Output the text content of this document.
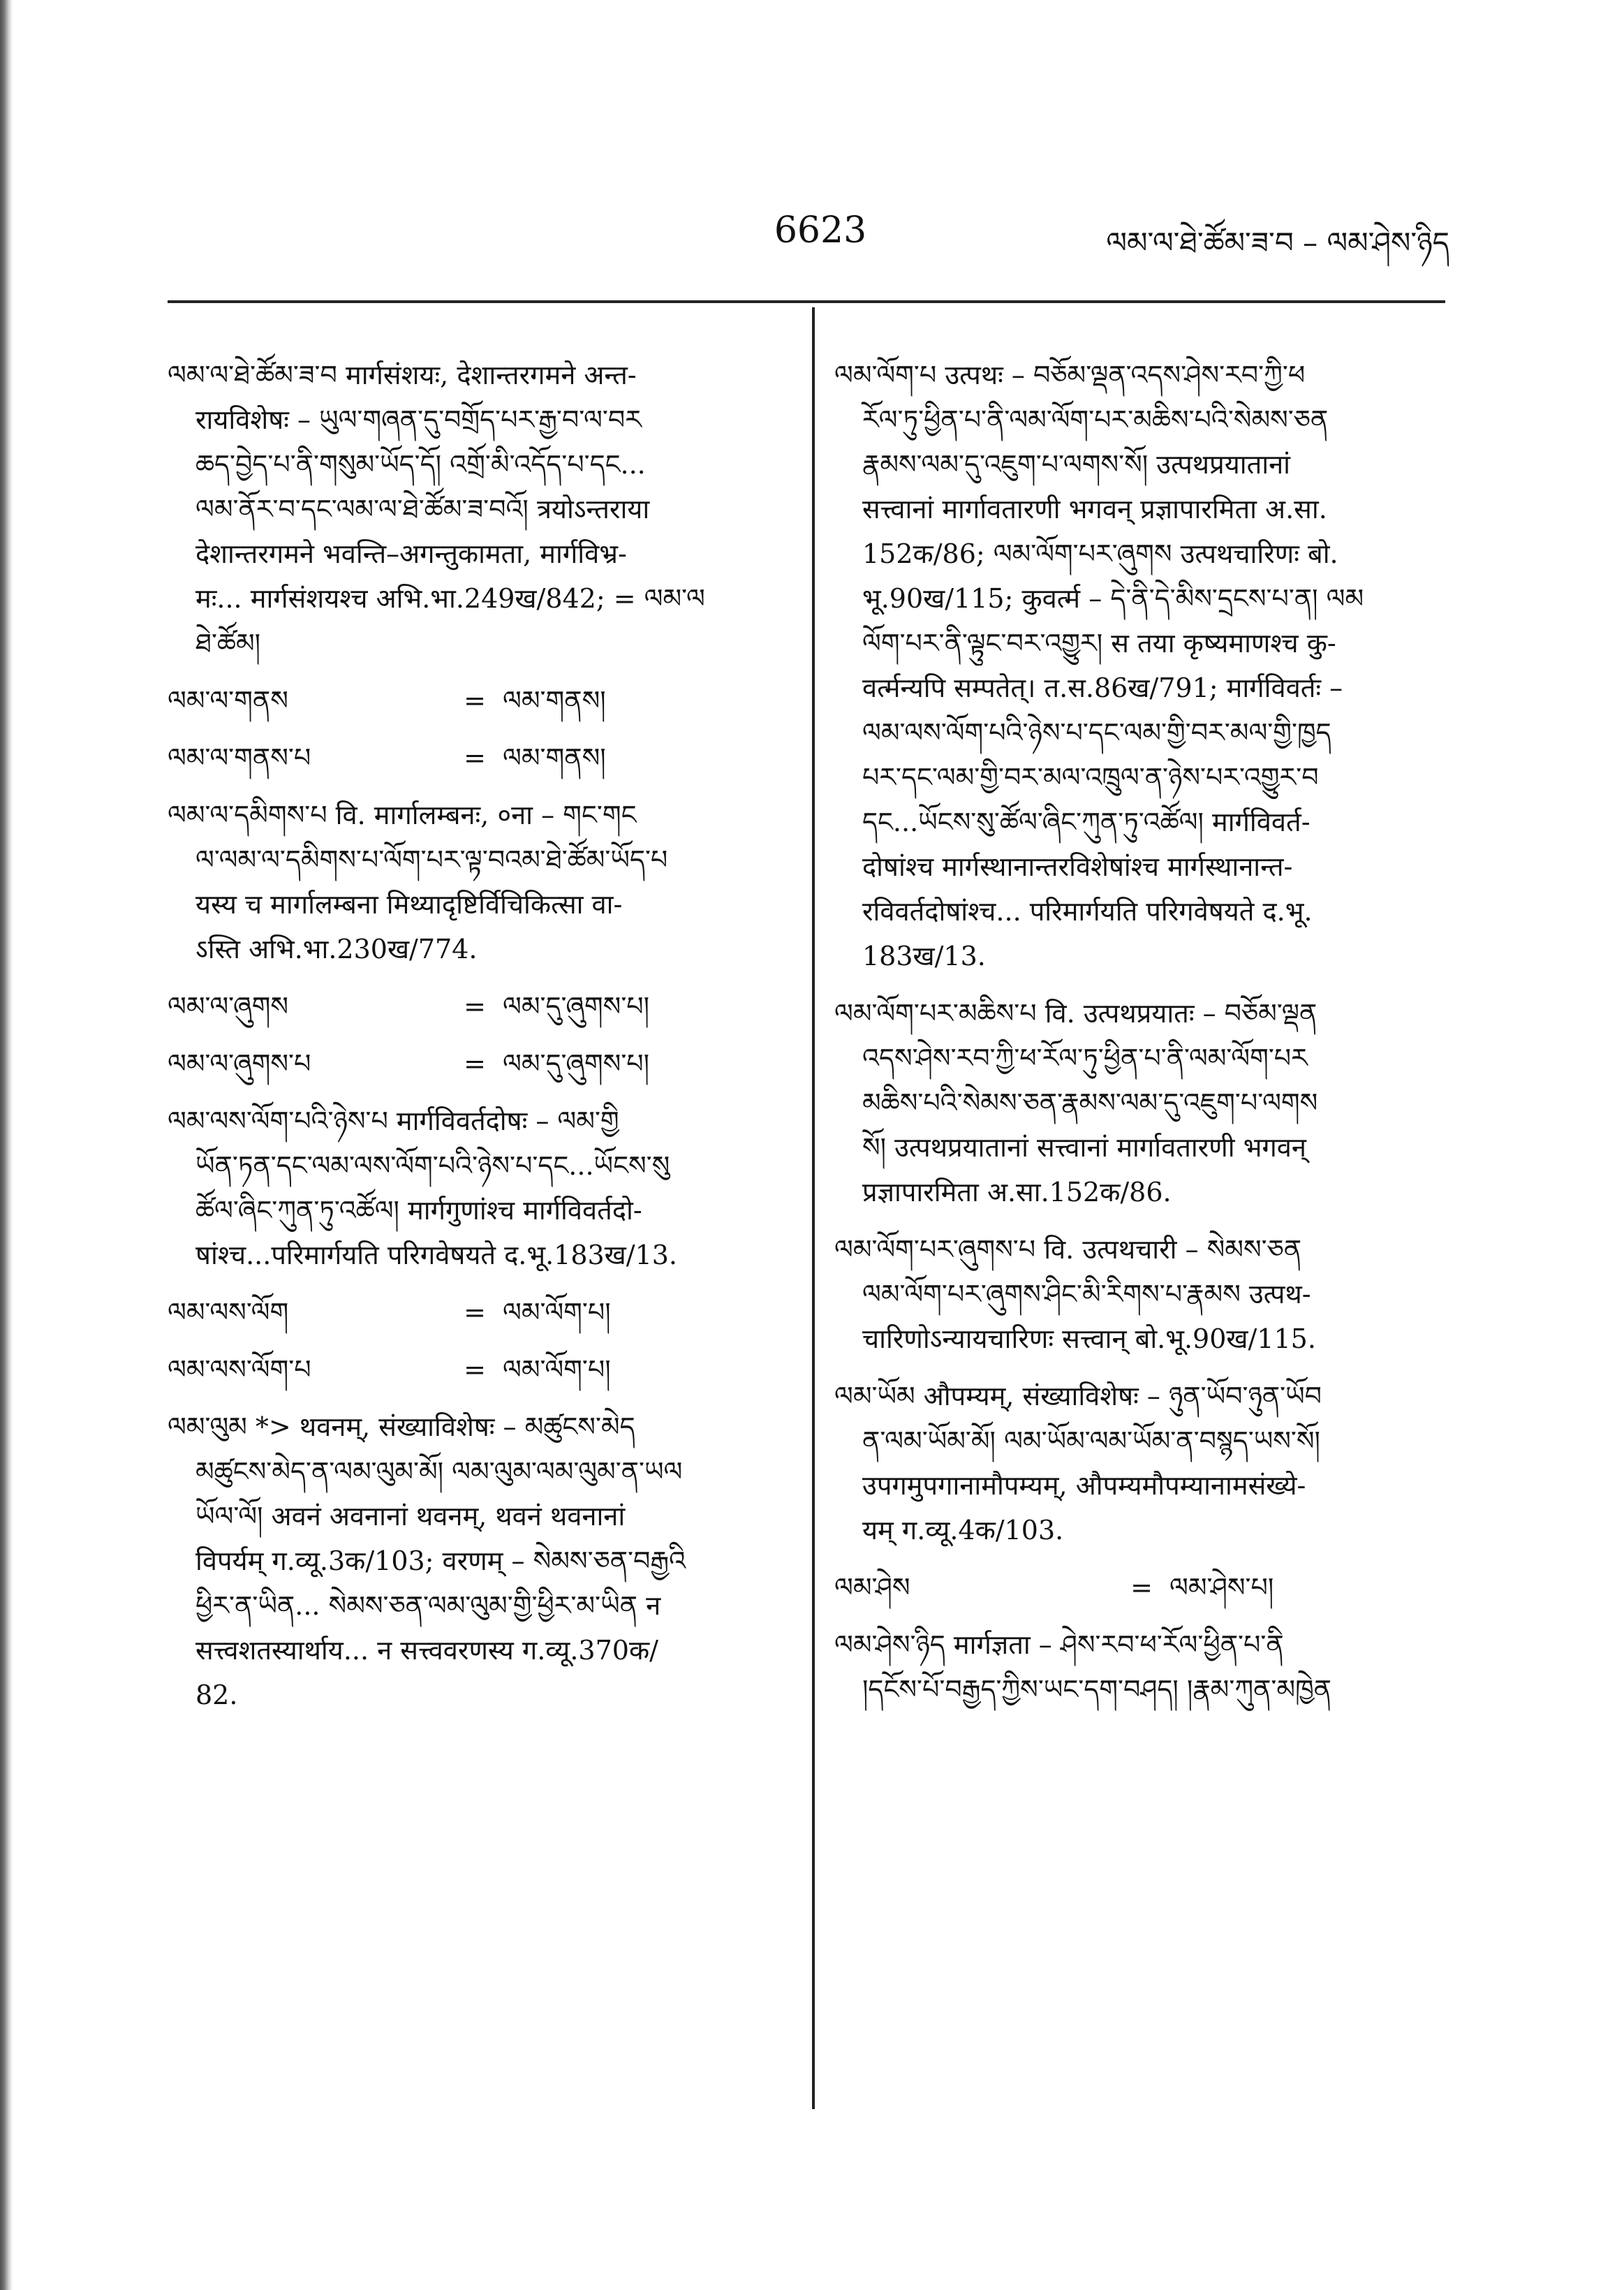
6623	ལམ་ལ་ཐེ་ཚོམ་ཟ་བ – ལམ་ཤེས་ཉིད
ལམ་ལ་ཐེ་ཚོམ་ཟ་བ मार्गसंशयः, देशान्तरगमने अन्त-
रायविशेषः – ཡུལ་གཞན་དུ་བགྲོད་པར་རྒྱ་བ་ལ་བར
ཆད་བྱེད་པ་ནི་གསུམ་ཡོད་དོ། འགྲོ་མི་འདོད་པ་དང...
ལམ་ནོར་བ་དང་ལམ་ལ་ཐེ་ཚོམ་ཟ་བའོ། त्रयोऽन्तराया
देशान्तरगमने भवन्ति–अगन्तुकामता, मार्गविभ्र-
मः... मार्गसंशयश्च अभि.भा.249ख/842; = ལམ་ལ
ཐེ་ཚོམ།
ལམ་ལ་གནས	= ལམ་གནས།
ལམ་ལ་གནས་པ	= ལམ་གནས།
ལམ་ལ་དམིགས་པ वि. मार्गालम्बनः, ०ना – གང་གང
ལ་ལམ་ལ་དམིགས་པ་ལོག་པར་ལྟ་བའམ་ཐེ་ཚོམ་ཡོད་པ
यस्य च मार्गालम्बना मिथ्यादृष्टिर्विचिकित्सा वा-
ऽस्ति अभि.भा.230ख/774.
ལམ་ལ་ཞུགས	= ལམ་དུ་ཞུགས་པ།
ལམ་ལ་ཞུགས་པ	= ལམ་དུ་ཞུགས་པ།
ལམ་ལས་ལོག་པའི་ཉེས་པ मार्गविवर्तदोषः – ལམ་གྱི
ཡོན་ཏན་དང་ལམ་ལས་ལོག་པའི་ཉེས་པ་དང...ཡོངས་སུ
ཚོལ་ཞིང་ཀུན་ཏུ་འཚོལ། मार्गगुणांश्च मार्गविवर्तदो-
षांश्च...परिमार्गयति परिगवेषयते द.भू.183ख/13.
ལམ་ལས་ལོག	= ལམ་ལོག་པ།
ལམ་ལས་ལོག་པ	= ལམ་ལོག་པ།
ལམ་ལུམ *> थवनम्, संख्याविशेषः – མཚུངས་མེད
མཚུངས་མེད་ན་ལམ་ལུམ་མོ། ལམ་ལུམ་ལམ་ལུམ་ན་ཡལ
ཡོལ་ལོ། अवनं अवनानां थवनम्, थवनं थवनानां
विपर्यम् ग.व्यू.3क/103; वरणम् – སེམས་ཅན་བརྒྱའི
ཕྱིར་ན་ཡིན... སེམས་ཅན་ལམ་ལུམ་གྱི་ཕྱིར་མ་ཡིན न
सत्त्वशतस्यार्थाय... न सत्त्ववरणस्य ग.व्यू.370क/
82.
ལམ་ལོག་པ उत्पथः – བཅོམ་ལྡན་འདས་ཤེས་རབ་ཀྱི་ཕ
རོལ་ཏུ་ཕྱིན་པ་ནི་ལམ་ལོག་པར་མཆིས་པའི་སེམས་ཅན
རྣམས་ལམ་དུ་འཇུག་པ་ལགས་སོ། उत्पथप्रयातानां
सत्त्वानां मार्गावतारणी भगवन् प्रज्ञापारमिता अ.सा.
152क/86; ལམ་ལོག་པར་ཞུགས उत्पथचारिणः बो.
भू.90ख/115; कुवर्त्म – དེ་ནི་དེ་མིས་དྲངས་པ་ན། ལམ
ལོག་པར་ནི་ལྟུང་བར་འགྱུར། स तया कृष्यमाणश्च कु-
वर्त्मन्यपि सम्पतेत्। त.स.86ख/791; मार्गविवर्तः –
ལམ་ལས་ལོག་པའི་ཉེས་པ་དང་ལམ་གྱི་བར་མལ་གྱི་ཁྱད
པར་དང་ལམ་གྱི་བར་མལ་འཁྲུལ་ན་ཉེས་པར་འགྱུར་བ
དང...ཡོངས་སུ་ཚོལ་ཞིང་ཀུན་ཏུ་འཚོལ། मार्गविवर्त-
दोषांश्च मार्गस्थानान्तरविशेषांश्च मार्गस्थानान्त-
रविवर्तदोषांश्च... परिमार्गयति परिगवेषयते द.भू.
183ख/13.
ལམ་ལོག་པར་མཆིས་པ वि. उत्पथप्रयातः – བཅོམ་ལྡན
འདས་ཤེས་རབ་ཀྱི་ཕ་རོལ་ཏུ་ཕྱིན་པ་ནི་ལམ་ལོག་པར
མཆིས་པའི་སེམས་ཅན་རྣམས་ལམ་དུ་འཇུག་པ་ལགས
སོ། उत्पथप्रयातानां सत्त्वानां मार्गावतारणी भगवन्
प्रज्ञापारमिता अ.सा.152क/86.
ལམ་ལོག་པར་ཞུགས་པ वि. उत्पथचारी – སེམས་ཅན
ལམ་ལོག་པར་ཞུགས་ཤིང་མི་རིགས་པ་རྣམས उत्पथ-
चारिणोऽन्यायचारिणः सत्त्वान् बो.भू.90ख/115.
ལམ་ཡོམ औपम्यम्, संख्याविशेषः – ཉུན་ཡོབ་ཉུན་ཡོབ
ན་ལམ་ཡོམ་མོ། ལམ་ཡོམ་ལམ་ཡོམ་ན་བསྙད་ཡས་སོ།
उपगमुपगानामौपम्यम्, औपम्यमौपम्यानामसंख्ये-
यम् ग.व्यू.4क/103.
ལམ་ཤེས	= ལམ་ཤེས་པ།
ལམ་ཤེས་ཉིད मार्गज्ञता – ཤེས་རབ་ཕ་རོལ་ཕྱིན་པ་ནི
།དངོས་པོ་བརྒྱད་ཀྱིས་ཡང་དག་བཤད། །རྣམ་ཀུན་མཁྱེན
